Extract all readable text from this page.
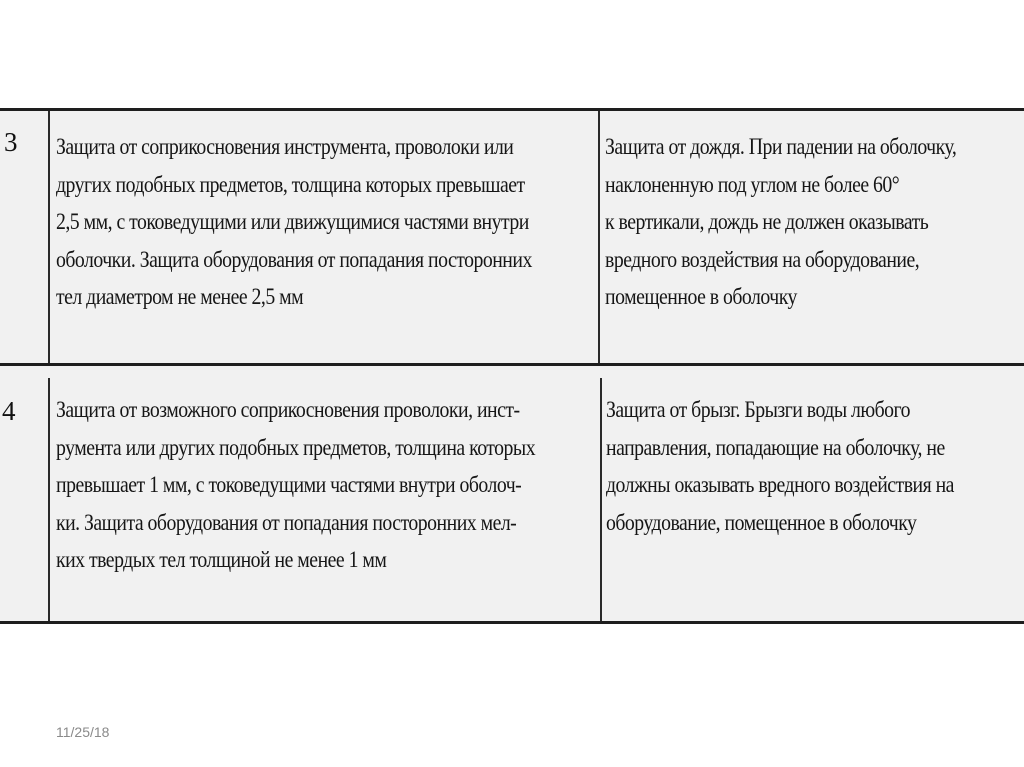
3 Защита от соприкосновения инструмента, проволоки или
других подобных предметов, толщина которых превышает
2,5 мм, с токоведущими или движущимися частями внутри
оболочки. Защита оборудования от попадания посторонних
тел диаметром не менее 2,5 мм
Защита от дождя. При падении на оболочку,
наклоненную под углом не более 60°
к вертикали, дождь не должен оказывать
вредного воздействия на оборудование,
помещенное в оболочку
4 Защита от возможного соприкосновения проволоки, инст-
румента или других подобных предметов, толщина которых
превышает 1 мм, с токоведущими частями внутри оболоч-
ки. Защита оборудования от попадания посторонних мел-
ких твердых тел толщиной не менее 1 мм
Защита от брызг. Брызги воды любого
направления, попадающие на оболочку, не
должны оказывать вредного воздействия на
оборудование, помещенное в оболочку
11/25/18
